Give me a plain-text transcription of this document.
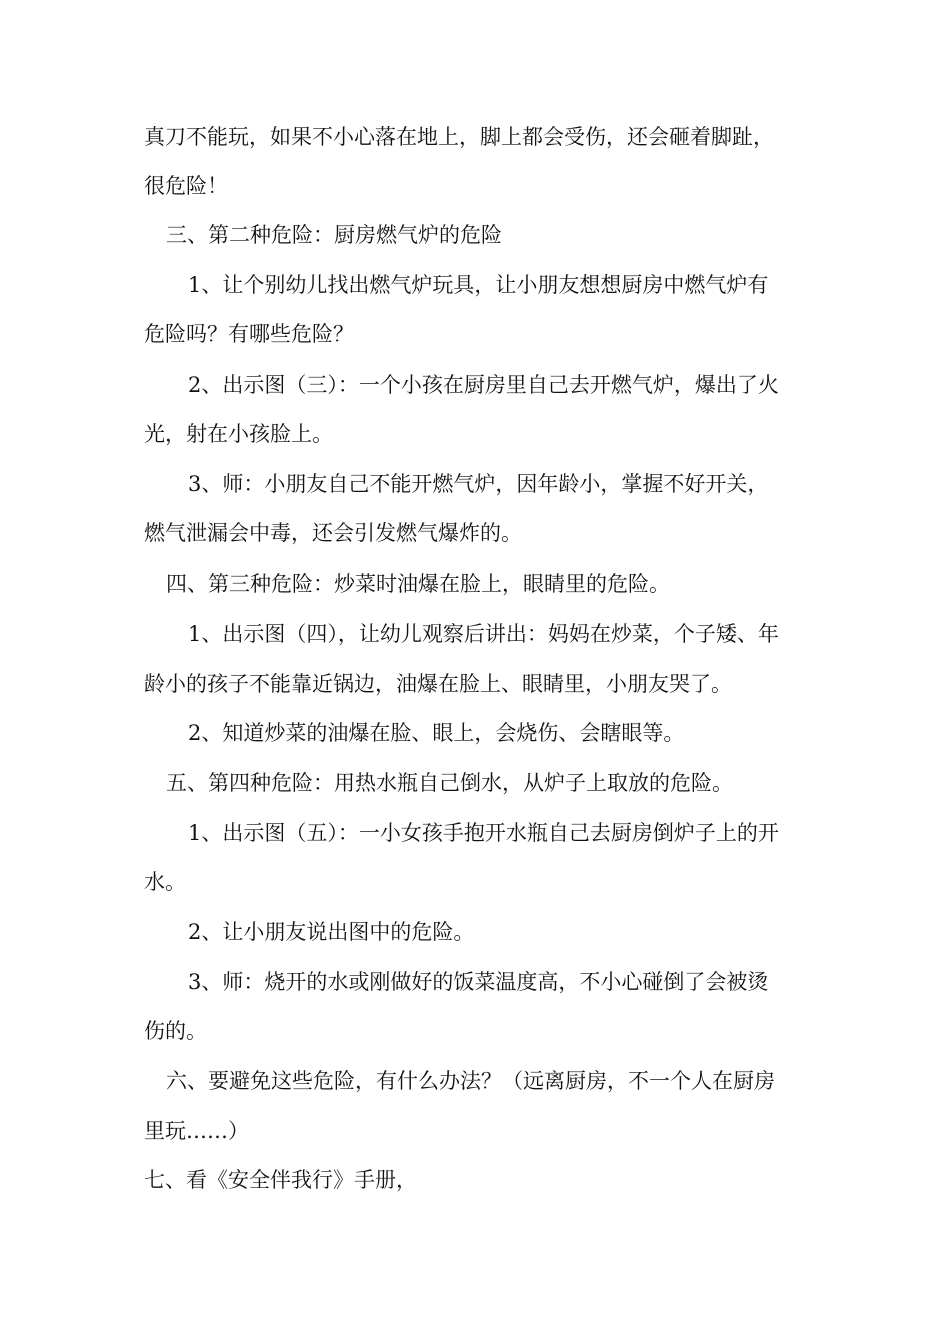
真刀不能玩，如果不小心落在地上，脚上都会受伤，还会砸着脚趾，
很危险！
三、第二种危险：厨房燃气炉的危险
1、让个别幼儿找出燃气炉玩具，让小朋友想想厨房中燃气炉有
危险吗？有哪些危险？
2、出示图（三）：一个小孩在厨房里自己去开燃气炉，爆出了火
光，射在小孩脸上。
3、师：小朋友自己不能开燃气炉，因年龄小，掌握不好开关，
燃气泄漏会中毒，还会引发燃气爆炸的。
四、第三种危险：炒菜时油爆在脸上，眼睛里的危险。
1、出示图（四），让幼儿观察后讲出：妈妈在炒菜，个子矮、年
龄小的孩子不能靠近锅边，油爆在脸上、眼睛里，小朋友哭了。
2、知道炒菜的油爆在脸、眼上，会烧伤、会瞎眼等。
五、第四种危险：用热水瓶自己倒水，从炉子上取放的危险。
1、出示图（五）：一小女孩手抱开水瓶自己去厨房倒炉子上的开
水。
2、让小朋友说出图中的危险。
3、师：烧开的水或刚做好的饭菜温度高，不小心碰倒了会被烫
伤的。
六、要避免这些危险，有什么办法？（远离厨房，不一个人在厨房
里玩……）
七、看《安全伴我行》手册，
